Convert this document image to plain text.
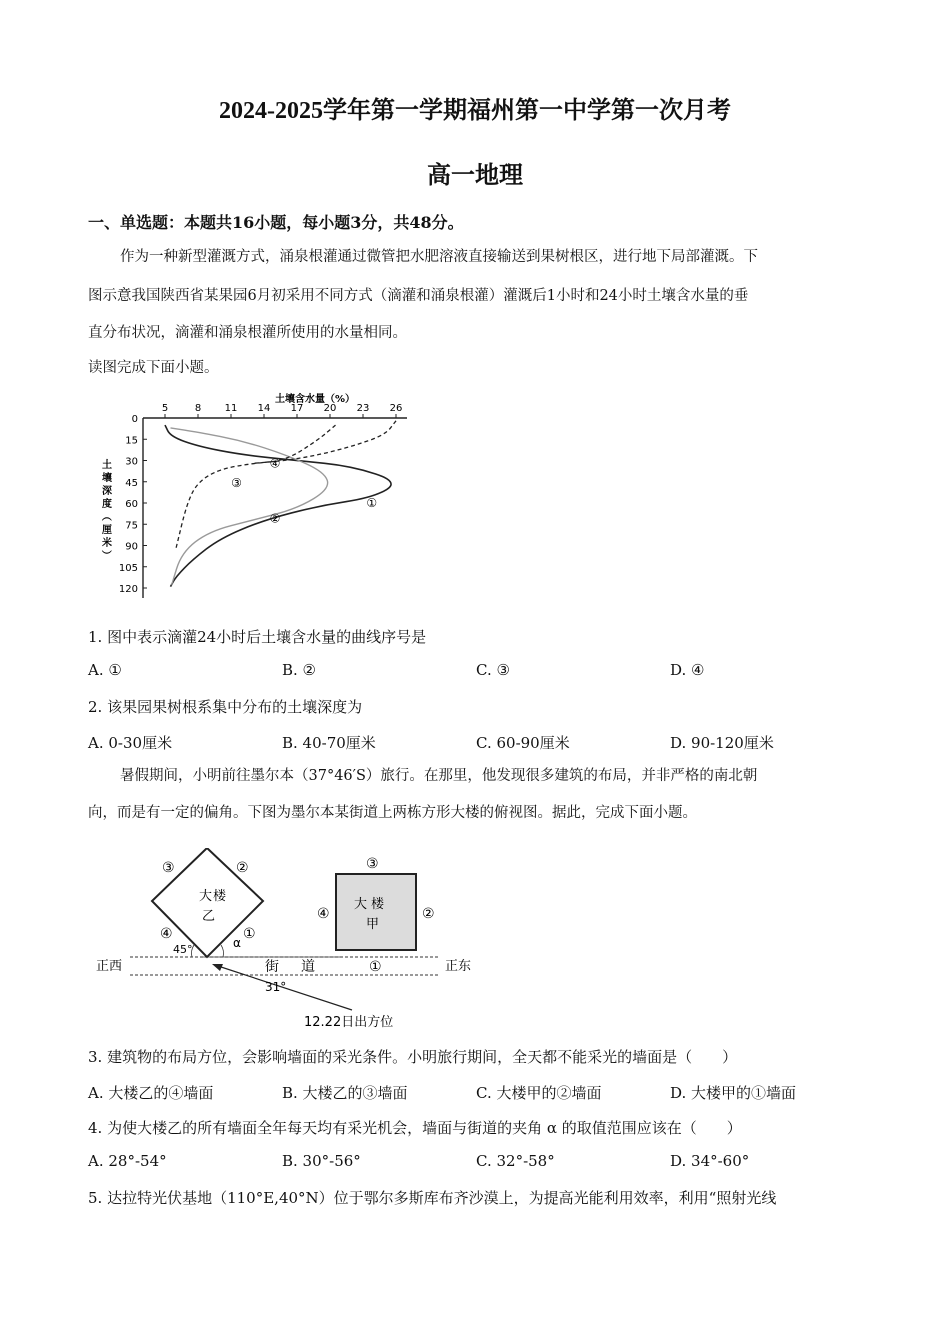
2024-2025学年第一学期福州第一中学第一次月考
高一地理
一、单选题：本题共16小题，每小题3分，共48分。
作为一种新型灌溉方式，涌泉根灌通过微管把水肥溶液直接输送到果树根区，进行地下局部灌溉。下
图示意我国陕西省某果园6月初采用不同方式（滴灌和涌泉根灌）灌溉后1小时和24小时土壤含水量的垂
直分布状况，滴灌和涌泉根灌所使用的水量相同。
读图完成下面小题。
土壤含水量（%）
5	8 11 14 17 20 23 26
0
15
30
45
60
75
90
105
120
土
壤
深
度
（
厘
米
）
①
②
③
④
1. 图中表示滴灌24小时后土壤含水量的曲线序号是
A. ①	B. ②	C. ③	D. ④
2. 该果园果树根系集中分布的土壤深度为
A. 0-30厘米	B. 40-70厘米	C. 60-90厘米	D. 90-120厘米
暑假期间，小明前往墨尔本（37°46′S）旅行。在那里，他发现很多建筑的布局，并非严格的南北朝
向，而是有一定的偏角。下图为墨尔本某街道上两栋方形大楼的俯视图。据此，完成下面小题。
正西	正东
街 道
大 楼
乙
③	②
④	①
45°	α
大 楼
甲
③
④	②
①
31°
12.22日出方位
3. 建筑物的布局方位，会影响墙面的采光条件。小明旅行期间，全天都不能采光的墙面是（　　）
A. 大楼乙的④墙面	B. 大楼乙的③墙面	C. 大楼甲的②墙面	D. 大楼甲的①墙面
4. 为使大楼乙的所有墙面全年每天均有采光机会，墙面与街道的夹角 α 的取值范围应该在（　　）
A. 28°-54°	B. 30°-56°	C. 32°-58°	D. 34°-60°
5. 达拉特光伏基地（110°E,40°N）位于鄂尔多斯库布齐沙漠上，为提高光能利用效率，利用“照射光线
